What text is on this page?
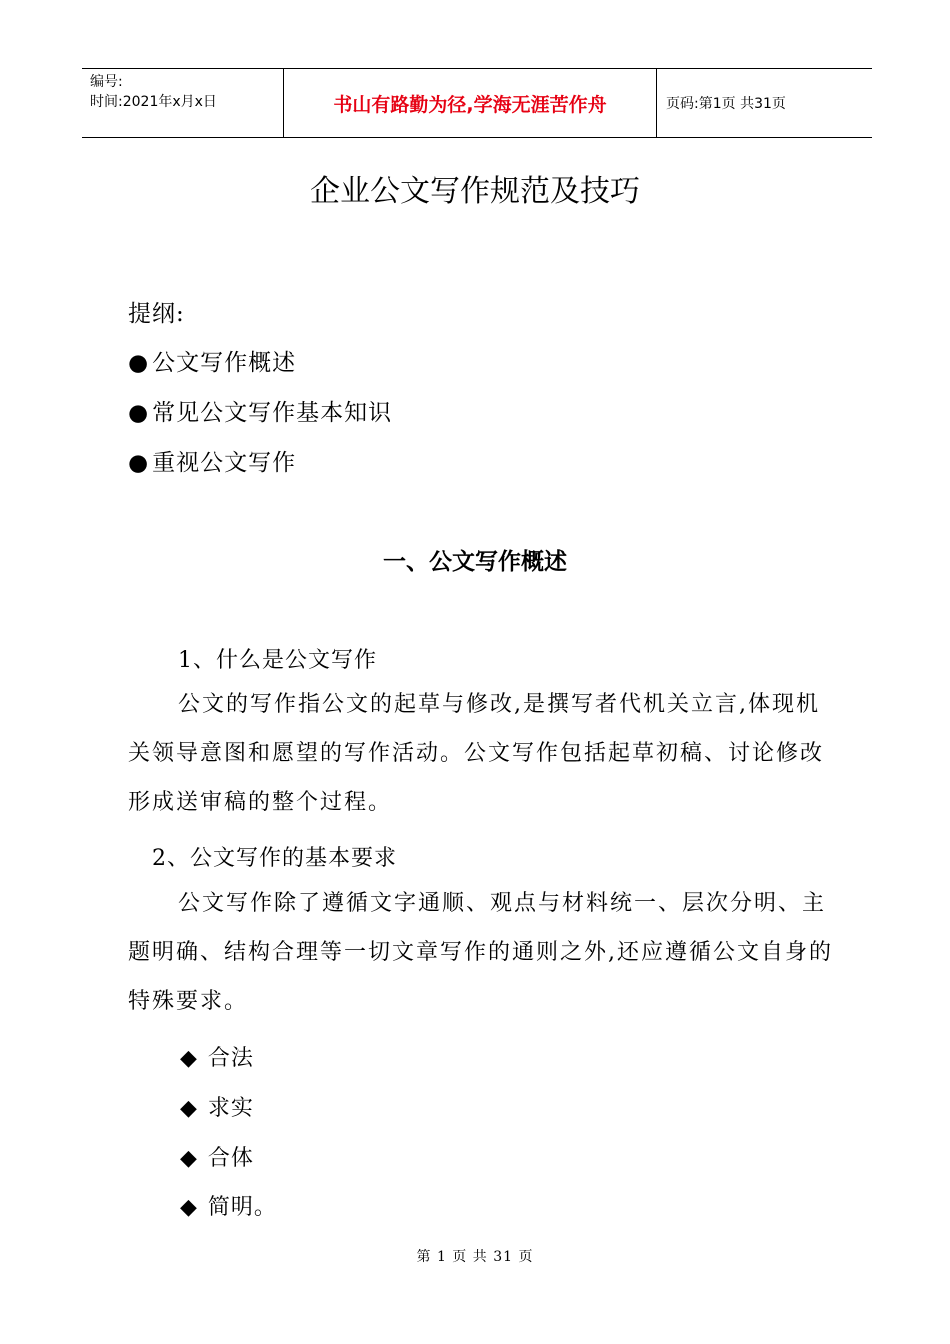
编号:
时间:2021年x月x日	书山有路勤为径,学海无涯苦作舟	页码:第1页 共31页
企业公文写作规范及技巧
提纲:
● 公文写作概述
● 常见公文写作基本知识
● 重视公文写作
一、公文写作概述
1、什么是公文写作
公文的写作指公文的起草与修改,是撰写者代机关立言,体现机关领导意图和愿望的写作活动。公文写作包括起草初稿、讨论修改形成送审稿的整个过程。
2、公文写作的基本要求
公文写作除了遵循文字通顺、观点与材料统一、层次分明、主题明确、结构合理等一切文章写作的通则之外,还应遵循公文自身的特殊要求。
◆ 合法
◆ 求实
◆ 合体
◆ 简明。
第 1 页 共 31 页
